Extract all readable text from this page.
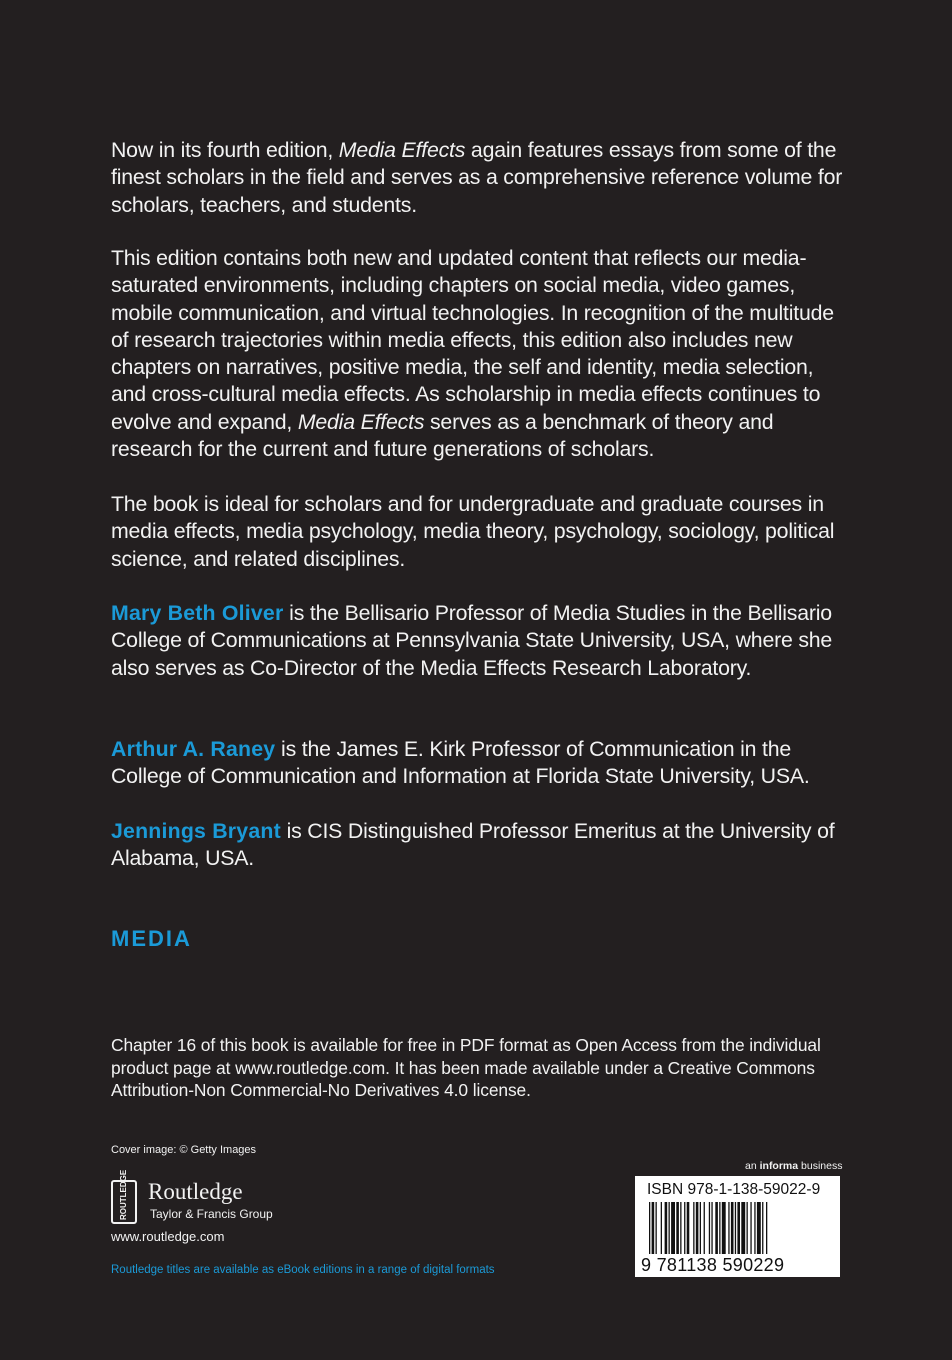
Now in its fourth edition, Media Effects again features essays from some of the finest scholars in the field and serves as a comprehensive reference volume for scholars, teachers, and students.
This edition contains both new and updated content that reflects our media-saturated environments, including chapters on social media, video games, mobile communication, and virtual technologies. In recognition of the multitude of research trajectories within media effects, this edition also includes new chapters on narratives, positive media, the self and identity, media selection, and cross-cultural media effects. As scholarship in media effects continues to evolve and expand, Media Effects serves as a benchmark of theory and research for the current and future generations of scholars.

The book is ideal for scholars and for undergraduate and graduate courses in media effects, media psychology, media theory, psychology, sociology, political science, and related disciplines.

Mary Beth Oliver is the Bellisario Professor of Media Studies in the Bellisario College of Communications at Pennsylvania State University, USA, where she also serves as Co-Director of the Media Effects Research Laboratory.

Arthur A. Raney is the James E. Kirk Professor of Communication in the College of Communication and Information at Florida State University, USA.

Jennings Bryant is CIS Distinguished Professor Emeritus at the University of Alabama, USA.

MEDIA

Chapter 16 of this book is available for free in PDF format as Open Access from the individual product page at www.routledge.com. It has been made available under a Creative Commons Attribution-Non Commercial-No Derivatives 4.0 license.

Cover image: © Getty Images
ROUTLEDGE Routledge
Taylor & Francis Group
www.routledge.com
Routledge titles are available as eBook editions in a range of digital formats
an informa business
ISBN 978-1-138-59022-9
9 781138 590229
